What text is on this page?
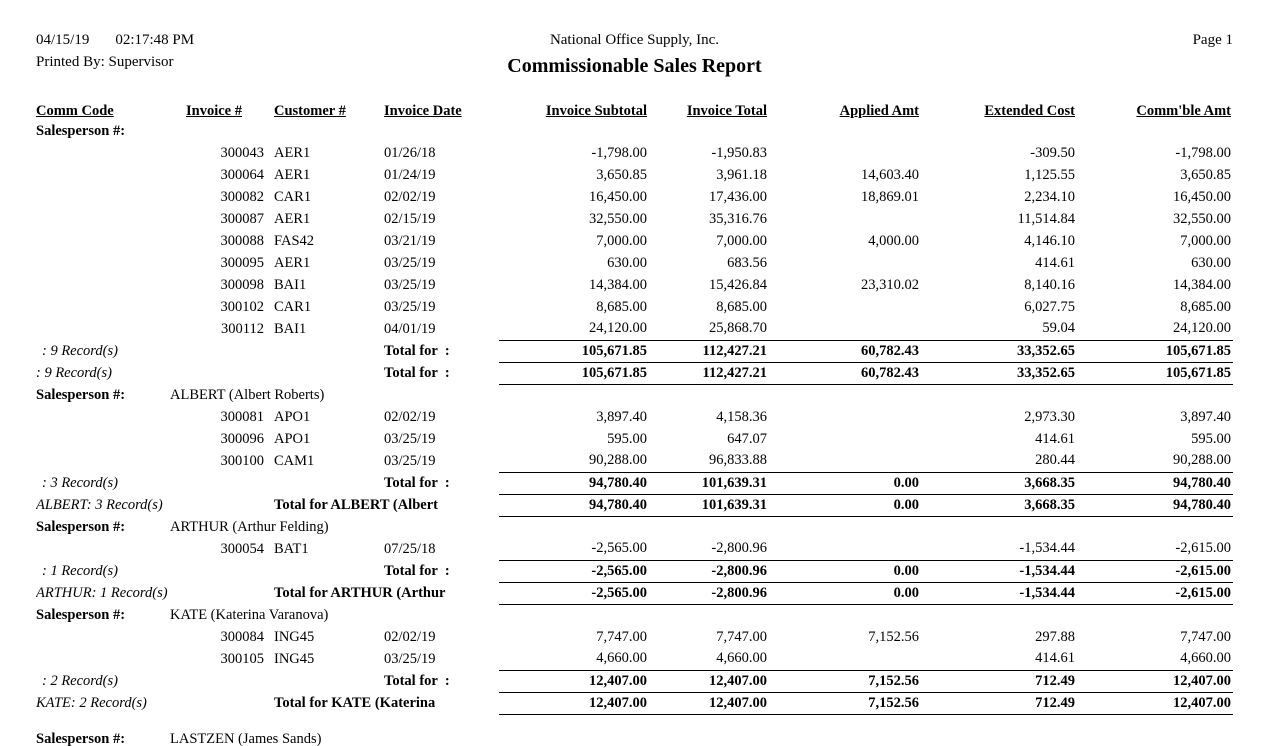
04/15/19 02:17:48 PM
Printed By: Supervisor
National Office Supply, Inc.
Commissionable Sales Report
Page 1
Comm Code	Invoice #	Customer #	Invoice Date	Invoice Subtotal	Invoice Total	Applied Amt	Extended Cost	Comm'ble Amt
Salesperson #:								
	300043	AER1	01/26/18	-1,798.00	-1,950.83		-309.50	-1,798.00
	300064	AER1	01/24/19	3,650.85	3,961.18	14,603.40	1,125.55	3,650.85
	300082	CAR1	02/02/19	16,450.00	17,436.00	18,869.01	2,234.10	16,450.00
	300087	AER1	02/15/19	32,550.00	35,316.76		11,514.84	32,550.00
	300088	FAS42	03/21/19	7,000.00	7,000.00	4,000.00	4,146.10	7,000.00
	300095	AER1	03/25/19	630.00	683.56		414.61	630.00
	300098	BAI1	03/25/19	14,384.00	15,426.84	23,310.02	8,140.16	14,384.00
	300102	CAR1	03/25/19	8,685.00	8,685.00		6,027.75	8,685.00
	300112	BAI1	04/01/19	24,120.00	25,868.70		59.04	24,120.00
: 9 Record(s)			Total for  :	105,671.85	112,427.21	60,782.43	33,352.65	105,671.85
: 9 Record(s)			Total for  :	105,671.85	112,427.21	60,782.43	33,352.65	105,671.85
Salesperson #: ALBERT (Albert Roberts)								
	300081	APO1	02/02/19	3,897.40	4,158.36		2,973.30	3,897.40
	300096	APO1	03/25/19	595.00	647.07		414.61	595.00
	300100	CAM1	03/25/19	90,288.00	96,833.88		280.44	90,288.00
: 3 Record(s)			Total for  :	94,780.40	101,639.31	0.00	3,668.35	94,780.40
ALBERT: 3 Record(s)		Total for ALBERT (Albert		94,780.40	101,639.31	0.00	3,668.35	94,780.40
Salesperson #: ARTHUR (Arthur Felding)								
	300054	BAT1	07/25/18	-2,565.00	-2,800.96		-1,534.44	-2,615.00
: 1 Record(s)			Total for  :	-2,565.00	-2,800.96	0.00	-1,534.44	-2,615.00
ARTHUR: 1 Record(s)		Total for ARTHUR (Arthur		-2,565.00	-2,800.96	0.00	-1,534.44	-2,615.00
Salesperson #: KATE (Katerina Varanova)								
	300084	ING45	02/02/19	7,747.00	7,747.00	7,152.56	297.88	7,747.00
	300105	ING45	03/25/19	4,660.00	4,660.00		414.61	4,660.00
: 2 Record(s)			Total for  :	12,407.00	12,407.00	7,152.56	712.49	12,407.00
KATE: 2 Record(s)		Total for KATE (Katerina		12,407.00	12,407.00	7,152.56	712.49	12,407.00
Salesperson #: LASTZEN (James Sands)								
